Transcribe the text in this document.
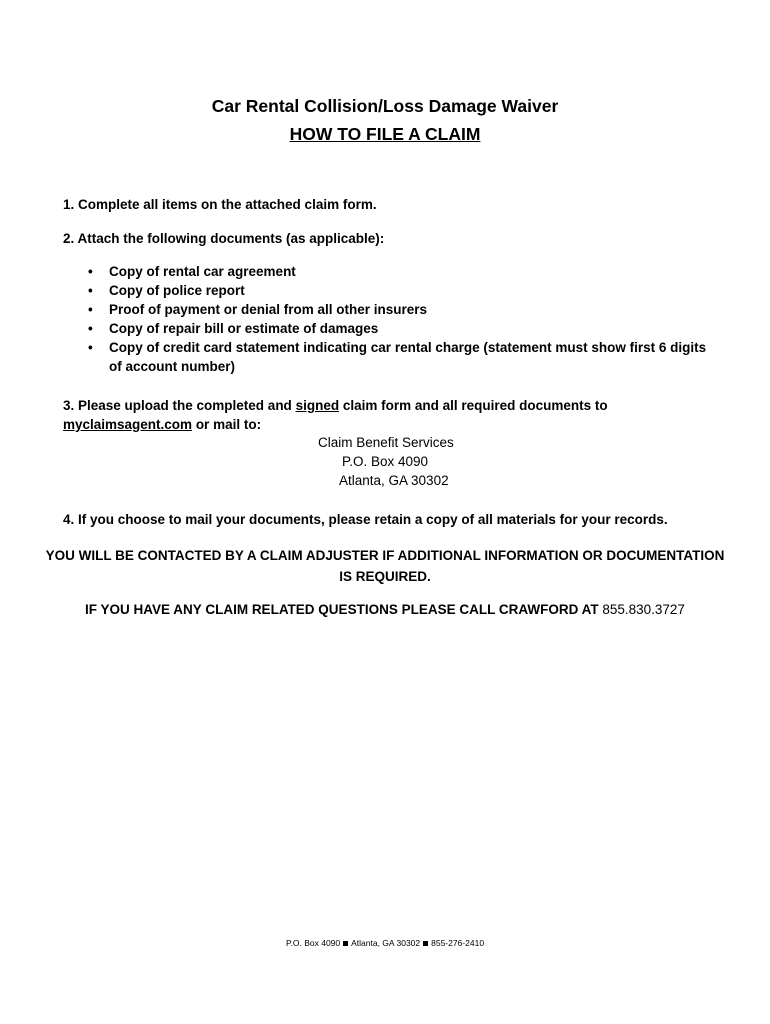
Car Rental Collision/Loss Damage Waiver
HOW TO FILE A CLAIM
1. Complete all items on the attached claim form.
2. Attach the following documents (as applicable):
• Copy of rental car agreement
• Copy of police report
• Proof of payment or denial from all other insurers
• Copy of repair bill or estimate of damages
• Copy of credit card statement indicating car rental charge (statement must show first 6 digits
of account number)
3. Please upload the completed and signed claim form and all required documents to
myclaimsagent.com or mail to:
Claim Benefit Services
P.O. Box 4090
Atlanta, GA 30302
4. If you choose to mail your documents, please retain a copy of all materials for your records.
YOU WILL BE CONTACTED BY A CLAIM ADJUSTER IF ADDITIONAL INFORMATION OR DOCUMENTATION
IS REQUIRED.
IF YOU HAVE ANY CLAIM RELATED QUESTIONS PLEASE CALL CRAWFORD AT 855.830.3727
P.O. Box 4090 Atlanta, GA 30302 855-276-2410
